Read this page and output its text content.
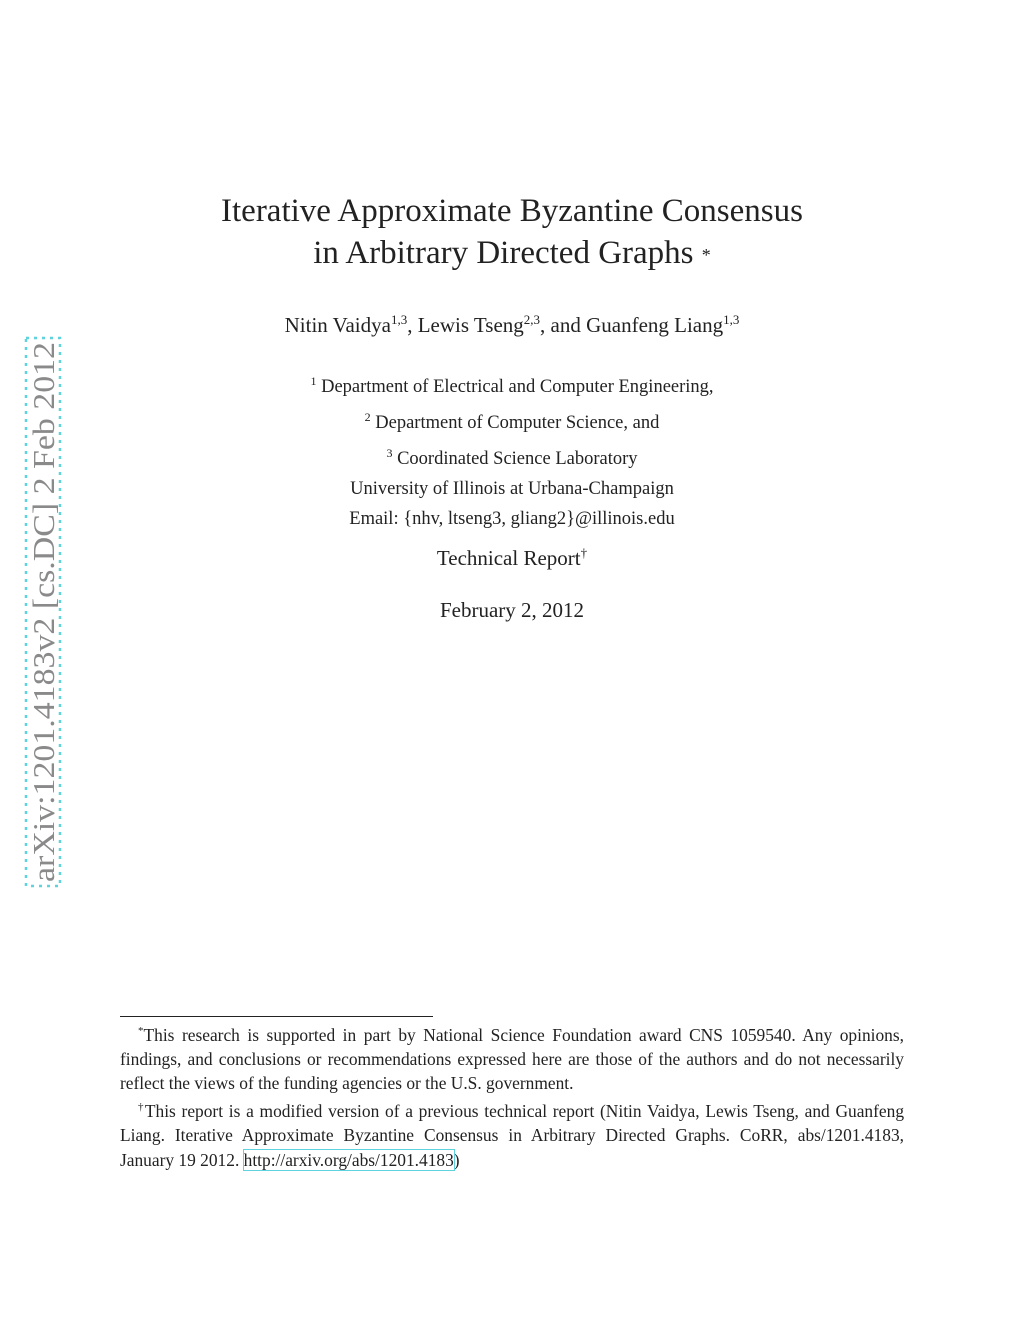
arXiv:1201.4183v2 [cs.DC] 2 Feb 2012
Iterative Approximate Byzantine Consensus
in Arbitrary Directed Graphs *
Nitin Vaidya$^{1,3}$, Lewis Tseng$^{2,3}$, and Guanfeng Liang$^{1,3}$
$^1$ Department of Electrical and Computer Engineering,
$^2$ Department of Computer Science, and
$^3$ Coordinated Science Laboratory
University of Illinois at Urbana-Champaign
Email: {nhv, ltseng3, gliang2}@illinois.edu
Technical Report†
February 2, 2012

*This research is supported in part by National Science Foundation award CNS 1059540. Any opinions, findings, and conclusions or recommendations expressed here are those of the authors and do not necessarily reflect the views of the funding agencies or the U.S. government.

†This report is a modified version of a previous technical report (Nitin Vaidya, Lewis Tseng, and Guanfeng Liang. Iterative Approximate Byzantine Consensus in Arbitrary Directed Graphs. CoRR, abs/1201.4183, January 19 2012. http://arxiv.org/abs/1201.4183)
